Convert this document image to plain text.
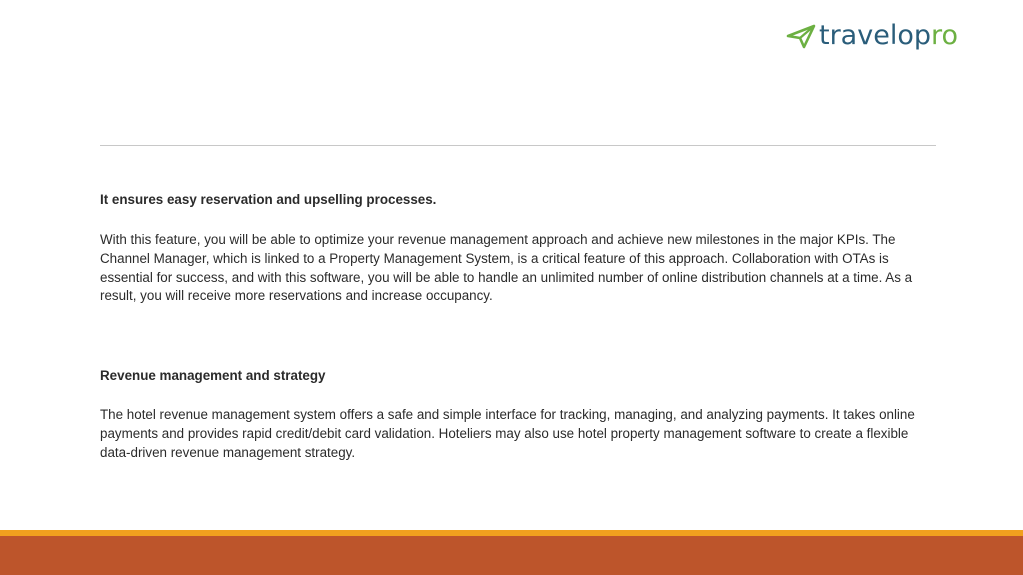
travelopro

It ensures easy reservation and upselling processes.

With this feature, you will be able to optimize your revenue management approach and achieve new milestones in the major KPIs. The Channel Manager, which is linked to a Property Management System, is a critical feature of this approach. Collaboration with OTAs is essential for success, and with this software, you will be able to handle an unlimited number of online distribution channels at a time. As a result, you will receive more reservations and increase occupancy.

Revenue management and strategy

The hotel revenue management system offers a safe and simple interface for tracking, managing, and analyzing payments. It takes online payments and provides rapid credit/debit card validation. Hoteliers may also use hotel property management software to create a flexible data-driven revenue management strategy.
